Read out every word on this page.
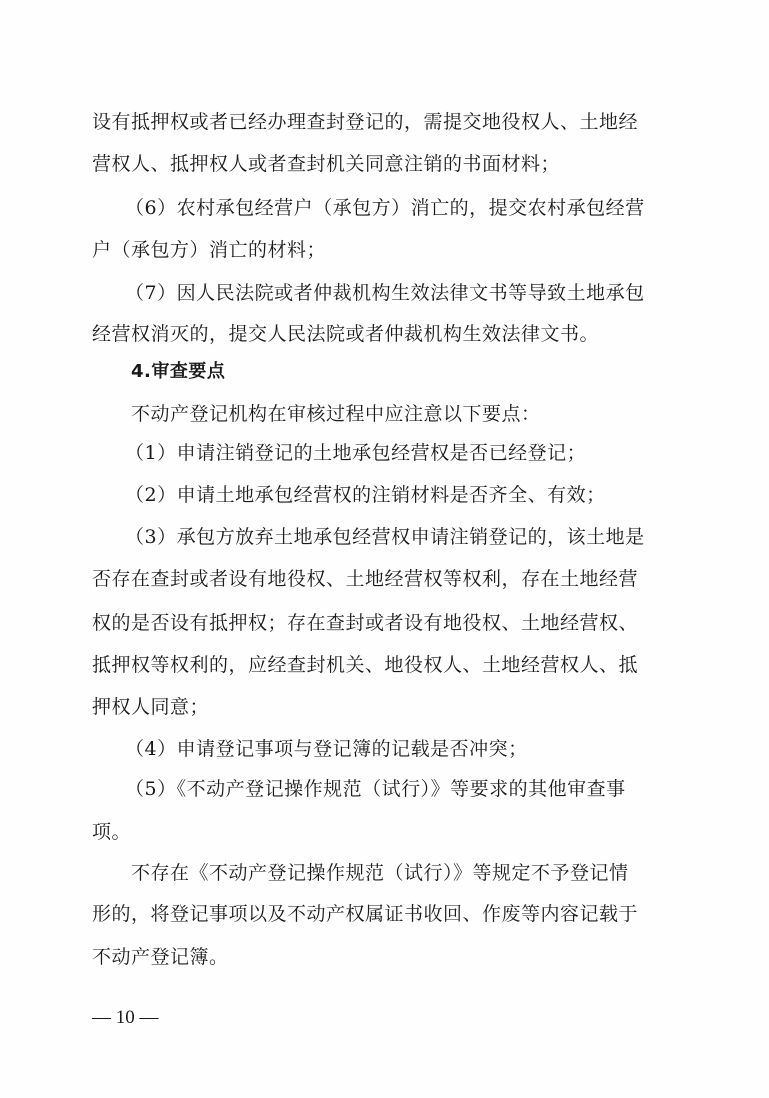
设有抵押权或者已经办理查封登记的，需提交地役权人、土地经
营权人、抵押权人或者查封机关同意注销的书面材料；
（6）农村承包经营户（承包方）消亡的，提交农村承包经营
户（承包方）消亡的材料；
（7）因人民法院或者仲裁机构生效法律文书等导致土地承包
经营权消灭的，提交人民法院或者仲裁机构生效法律文书。
4.审查要点
不动产登记机构在审核过程中应注意以下要点：
（1）申请注销登记的土地承包经营权是否已经登记；
（2）申请土地承包经营权的注销材料是否齐全、有效；
（3）承包方放弃土地承包经营权申请注销登记的，该土地是
否存在查封或者设有地役权、土地经营权等权利，存在土地经营
权的是否设有抵押权；存在查封或者设有地役权、土地经营权、
抵押权等权利的，应经查封机关、地役权人、土地经营权人、抵
押权人同意；
（4）申请登记事项与登记簿的记载是否冲突；
（5）《不动产登记操作规范（试行）》等要求的其他审查事
项。
不存在《不动产登记操作规范（试行）》等规定不予登记情
形的，将登记事项以及不动产权属证书收回、作废等内容记载于
不动产登记簿。
— 10 —
